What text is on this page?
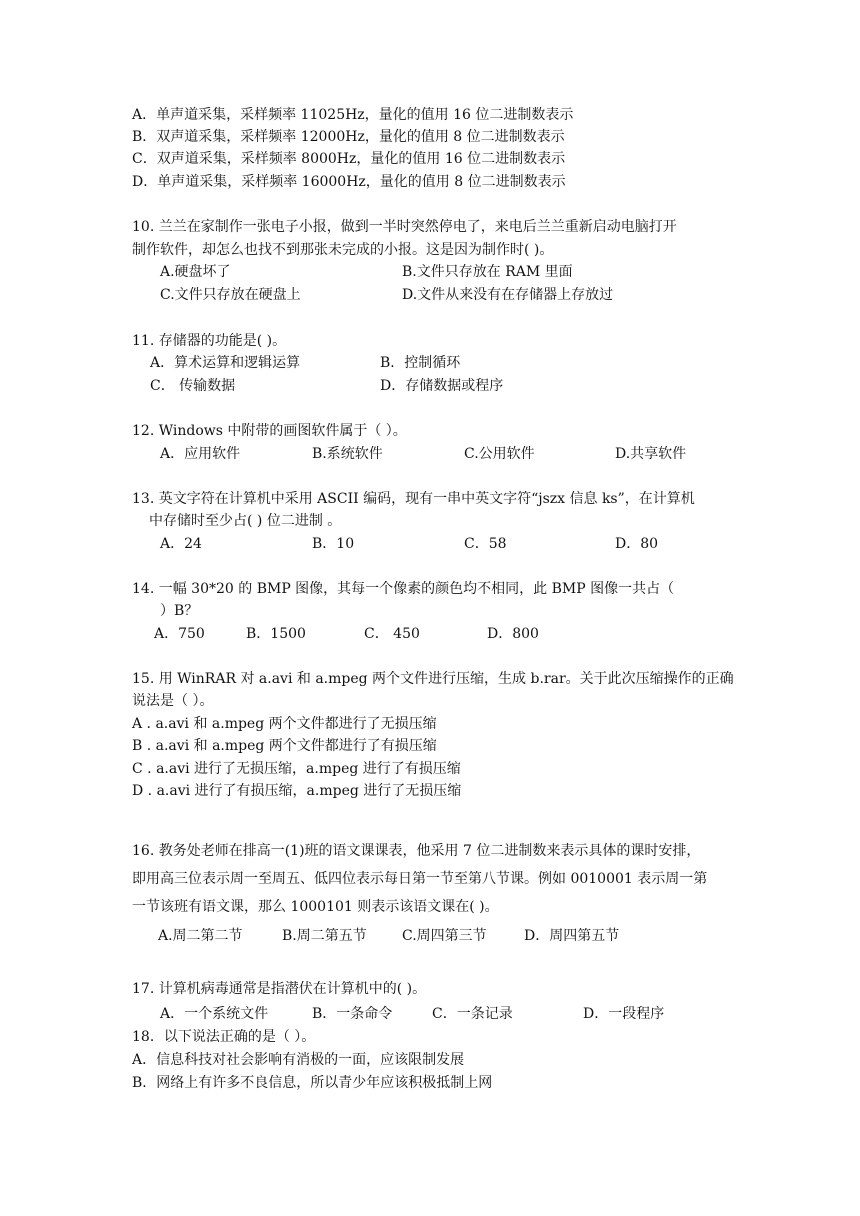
A．单声道采集，采样频率 11025Hz，量化的值用 16 位二进制数表示
B．双声道采集，采样频率 12000Hz，量化的值用 8 位二进制数表示
C．双声道采集，采样频率 8000Hz，量化的值用 16 位二进制数表示
D．单声道采集，采样频率 16000Hz，量化的值用 8 位二进制数表示
10. 兰兰在家制作一张电子小报，做到一半时突然停电了，来电后兰兰重新启动电脑打开
制作软件，却怎么也找不到那张未完成的小报。这是因为制作时( )。
A.硬盘坏了	B.文件只存放在 RAM 里面
C.文件只存放在硬盘上	D.文件从来没有在存储器上存放过
11. 存储器的功能是( )。
A．算术运算和逻辑运算	B．控制循环
C． 传输数据	D．存储数据或程序
12. Windows 中附带的画图软件属于（ ）。
A．应用软件	B.系统软件	C.公用软件	D.共享软件
13. 英文字符在计算机中采用 ASCII 编码，现有一串中英文字符“jszx 信息 ks”，在计算机
中存储时至少占( ) 位二进制 。
A．24	B．10	C．58	D．80
14. 一幅 30*20 的 BMP 图像，其每一个像素的颜色均不相同，此 BMP 图像一共占（
）B？
A．750	B．1500	C． 450	D．800
15. 用 WinRAR 对 a.avi 和 a.mpeg 两个文件进行压缩，生成 b.rar。关于此次压缩操作的正确
说法是（ ）。
A . a.avi 和 a.mpeg 两个文件都进行了无损压缩
B . a.avi 和 a.mpeg 两个文件都进行了有损压缩
C . a.avi 进行了无损压缩，a.mpeg 进行了有损压缩
D . a.avi 进行了有损压缩，a.mpeg 进行了无损压缩
16. 教务处老师在排高一(1)班的语文课课表，他采用 7 位二进制数来表示具体的课时安排，
即用高三位表示周一至周五、低四位表示每日第一节至第八节课。例如 0010001 表示周一第
一节该班有语文课，那么 1000101 则表示该语文课在( )。
A.周二第二节	B.周二第五节	C.周四第三节	D．周四第五节
17. 计算机病毒通常是指潜伏在计算机中的( )。
A．一个系统文件	B．一条命令	C．一条记录	D．一段程序
18．以下说法正确的是（ ）。
A．信息科技对社会影响有消极的一面，应该限制发展
B．网络上有许多不良信息，所以青少年应该积极抵制上网
